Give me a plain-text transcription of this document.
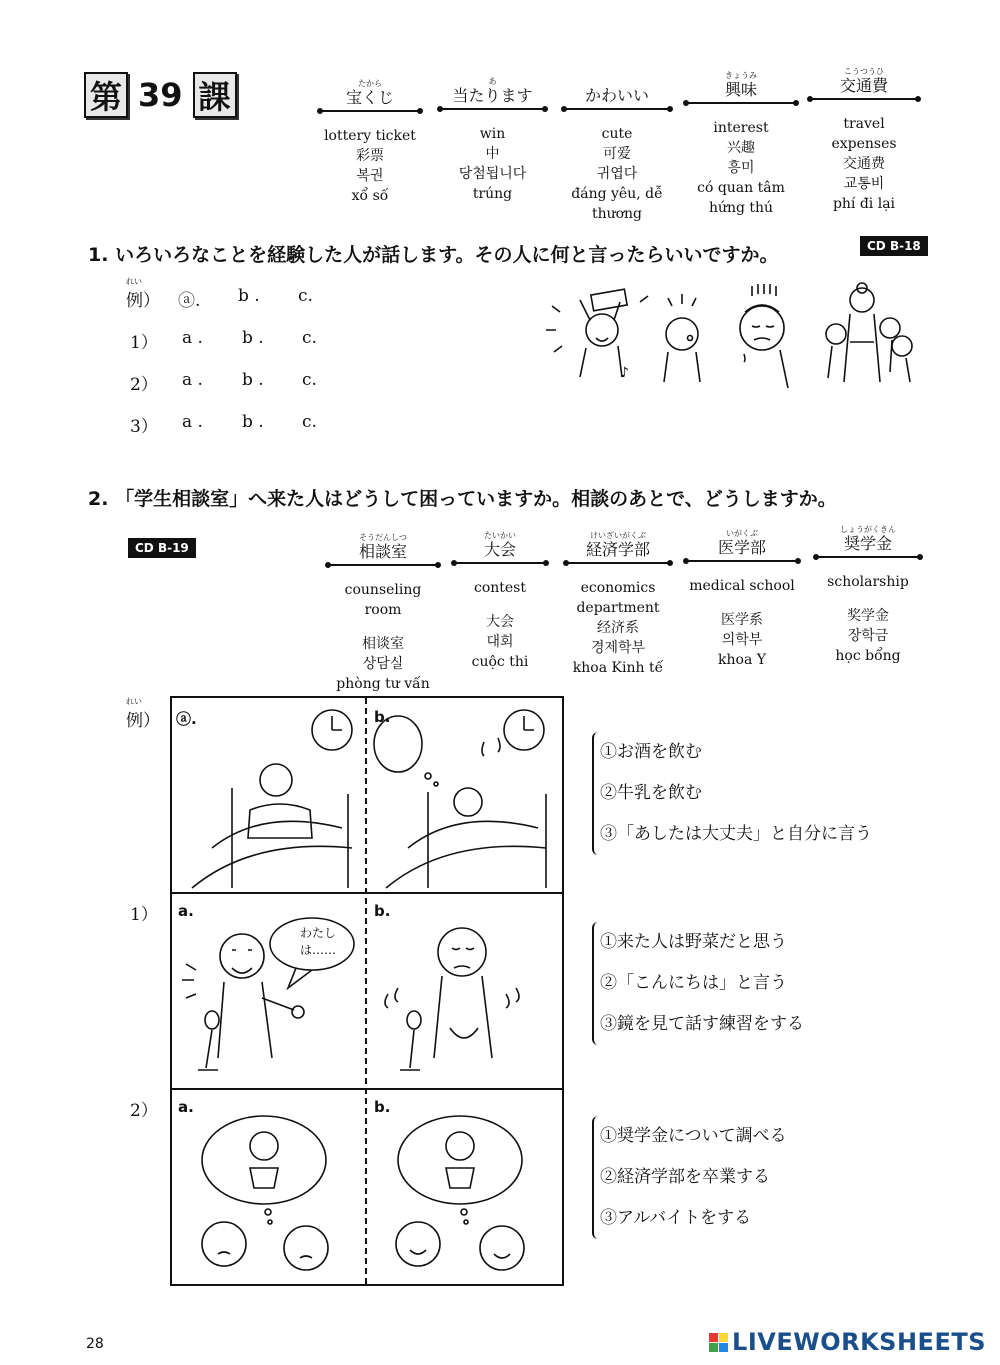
第 39 課	たから
宝くじ
lottery ticket
彩票
복권
xổ số
あ
当たります
win
中
당첨됩니다
trúng
かわいい
cute
可爱
귀엽다
đáng yêu, dễ thương
きょうみ
興味
interest
兴趣
흥미
có quan tâm hứng thú
こうつうひ
交通費
travel expenses
交通费
교통비
phí đi lại
1. いろいろなことを経験した人が話します。その人に何と言ったらいいですか。	CD B-18
れい
例）	ⓐ.	b .	c.
1）	a .	b .	c.
2）	a .	b .	c.
3）	a .	b .	c.
♪
2. 「学生相談室」へ来た人はどうして困っていますか。相談のあとで、どうしますか。
CD B-19
そうだんしつ
相談室
counseling room
相谈室
상담실
phòng tư vấn
たいかい
大会
contest
大会
대회
cuộc thi
けいざいがくぶ
経済学部
economics department
经济系
경제학부
khoa Kinh tế
いがくぶ
医学部
medical school
医学系
의학부
khoa Y
しょうがくきん
奨学金
scholarship
奖学金
장학금
học bổng
れい
例）
1）
2）
ⓐ.	b.
a.	b.
a.	b.
わたしは……
①お酒を飲む
②牛乳を飲む
③「あしたは大丈夫」と自分に言う
①来た人は野菜だと思う
②「こんにちは」と言う
③鏡を見て話す練習をする
①奨学金について調べる
②経済学部を卒業する
③アルバイトをする
28	LIVEWORKSHEETS
